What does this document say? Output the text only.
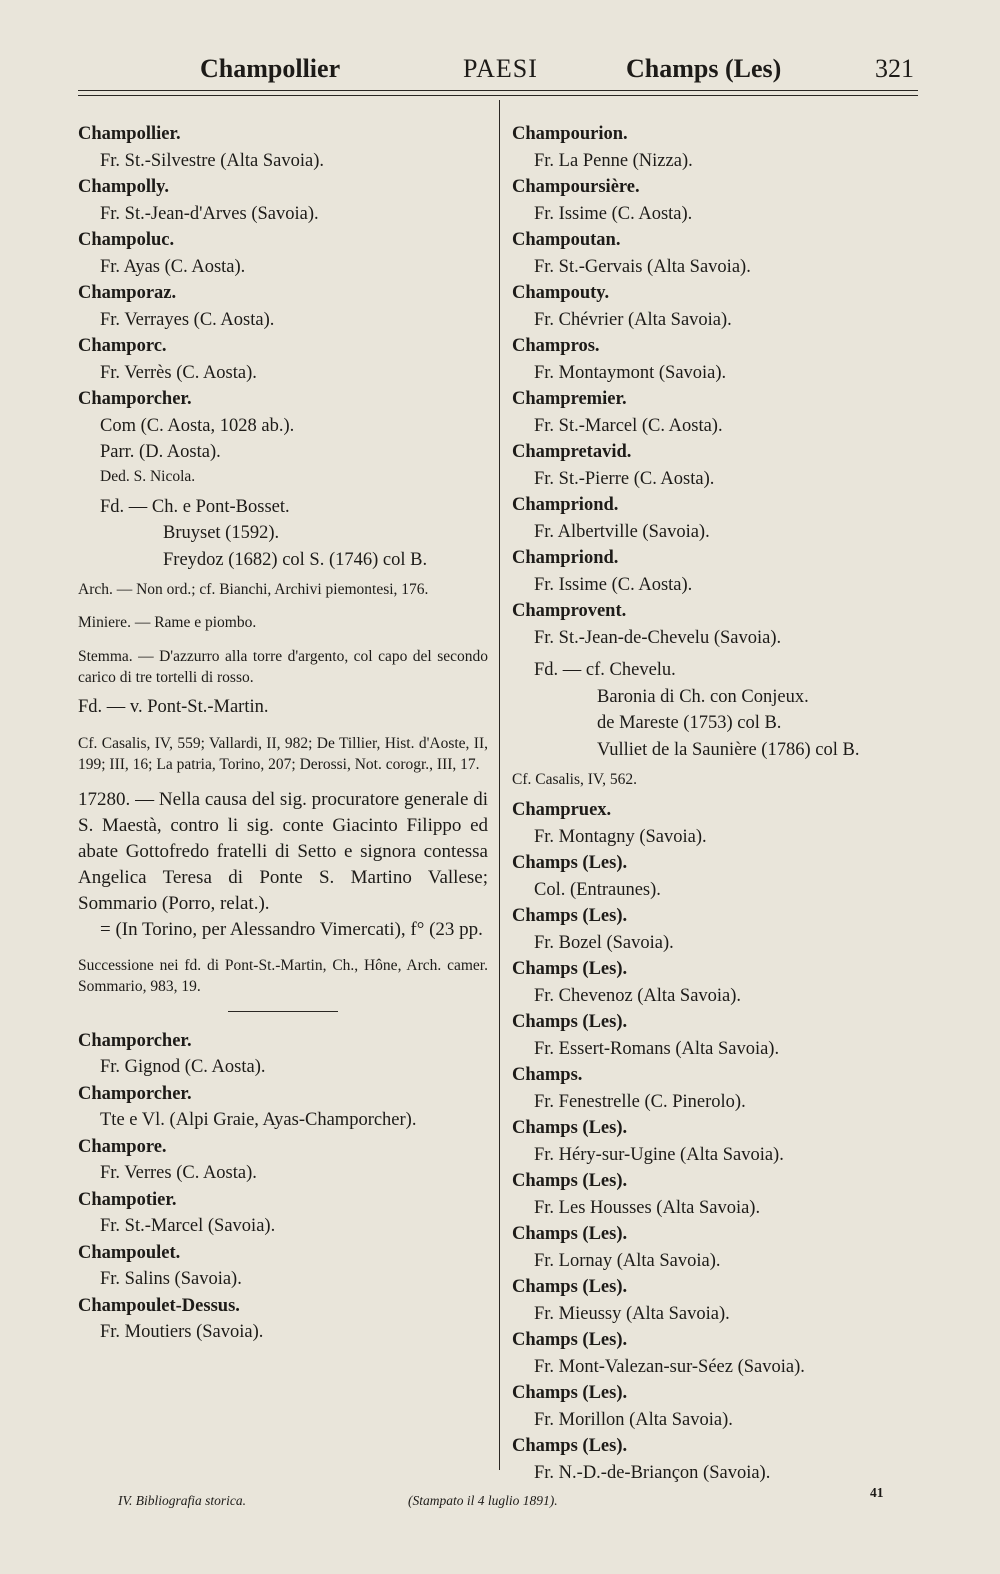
Champollier	PAESI	Champs (Les)	321
Champollier.
Fr. St.-Silvestre (Alta Savoia).
Champolly.
Fr. St.-Jean-d'Arves (Savoia).
Champoluc.
Fr. Ayas (C. Aosta).
Champoraz.
Fr. Verrayes (C. Aosta).
Champorc.
Fr. Verrès (C. Aosta).
Champorcher.
Com (C. Aosta, 1028 ab.).
Parr. (D. Aosta).
Ded. S. Nicola.
Fd. — Ch. e Pont-Bosset.
Bruyset (1592).
Freydoz (1682) col S. (1746) col B.
Arch. — Non ord.; cf. Bianchi, Archivi piemontesi, 176.
Miniere. — Rame e piombo.
Stemma. — D'azzurro alla torre d'argento, col capo del secondo carico di tre tortelli di rosso.
Fd. — v. Pont-St.-Martin.
Cf. Casalis, IV, 559; Vallardi, II, 982; De Tillier, Hist. d'Aoste, II, 199; III, 16; La patria, Torino, 207; Derossi, Not. corogr., III, 17.
17280. — Nella causa del sig. procuratore generale di S. Maestà, contro li sig. conte Giacinto Filippo ed abate Gottofredo fratelli di Setto e signora contessa Angelica Teresa di Ponte S. Martino Vallese; Sommario (Porro, relat.).
= (In Torino, per Alessandro Vimercati), f° (23 pp.
Successione nei fd. di Pont-St.-Martin, Ch., Hône, Arch. camer. Sommario, 983, 19.
Champorcher.
Fr. Gignod (C. Aosta).
Champorcher.
Tte e Vl. (Alpi Graie, Ayas-Champorcher).
Champore.
Fr. Verres (C. Aosta).
Champotier.
Fr. St.-Marcel (Savoia).
Champoulet.
Fr. Salins (Savoia).
Champoulet-Dessus.
Fr. Moutiers (Savoia).
Champourion.
Fr. La Penne (Nizza).
Champoursière.
Fr. Issime (C. Aosta).
Champoutan.
Fr. St.-Gervais (Alta Savoia).
Champouty.
Fr. Chévrier (Alta Savoia).
Champros.
Fr. Montaymont (Savoia).
Champremier.
Fr. St.-Marcel (C. Aosta).
Champretavid.
Fr. St.-Pierre (C. Aosta).
Champriond.
Fr. Albertville (Savoia).
Champriond.
Fr. Issime (C. Aosta).
Champrovent.
Fr. St.-Jean-de-Chevelu (Savoia).
Fd. — cf. Chevelu.
Baronia di Ch. con Conjeux.
de Mareste (1753) col B.
Vulliet de la Saunière (1786) col B.
Cf. Casalis, IV, 562.
Champruex.
Fr. Montagny (Savoia).
Champs (Les).
Col. (Entraunes).
Champs (Les).
Fr. Bozel (Savoia).
Champs (Les).
Fr. Chevenoz (Alta Savoia).
Champs (Les).
Fr. Essert-Romans (Alta Savoia).
Champs.
Fr. Fenestrelle (C. Pinerolo).
Champs (Les).
Fr. Héry-sur-Ugine (Alta Savoia).
Champs (Les).
Fr. Les Housses (Alta Savoia).
Champs (Les).
Fr. Lornay (Alta Savoia).
Champs (Les).
Fr. Mieussy (Alta Savoia).
Champs (Les).
Fr. Mont-Valezan-sur-Séez (Savoia).
Champs (Les).
Fr. Morillon (Alta Savoia).
Champs (Les).
Fr. N.-D.-de-Briançon (Savoia).
IV. Bibliografia storica.	(Stampato il 4 luglio 1891).
41
